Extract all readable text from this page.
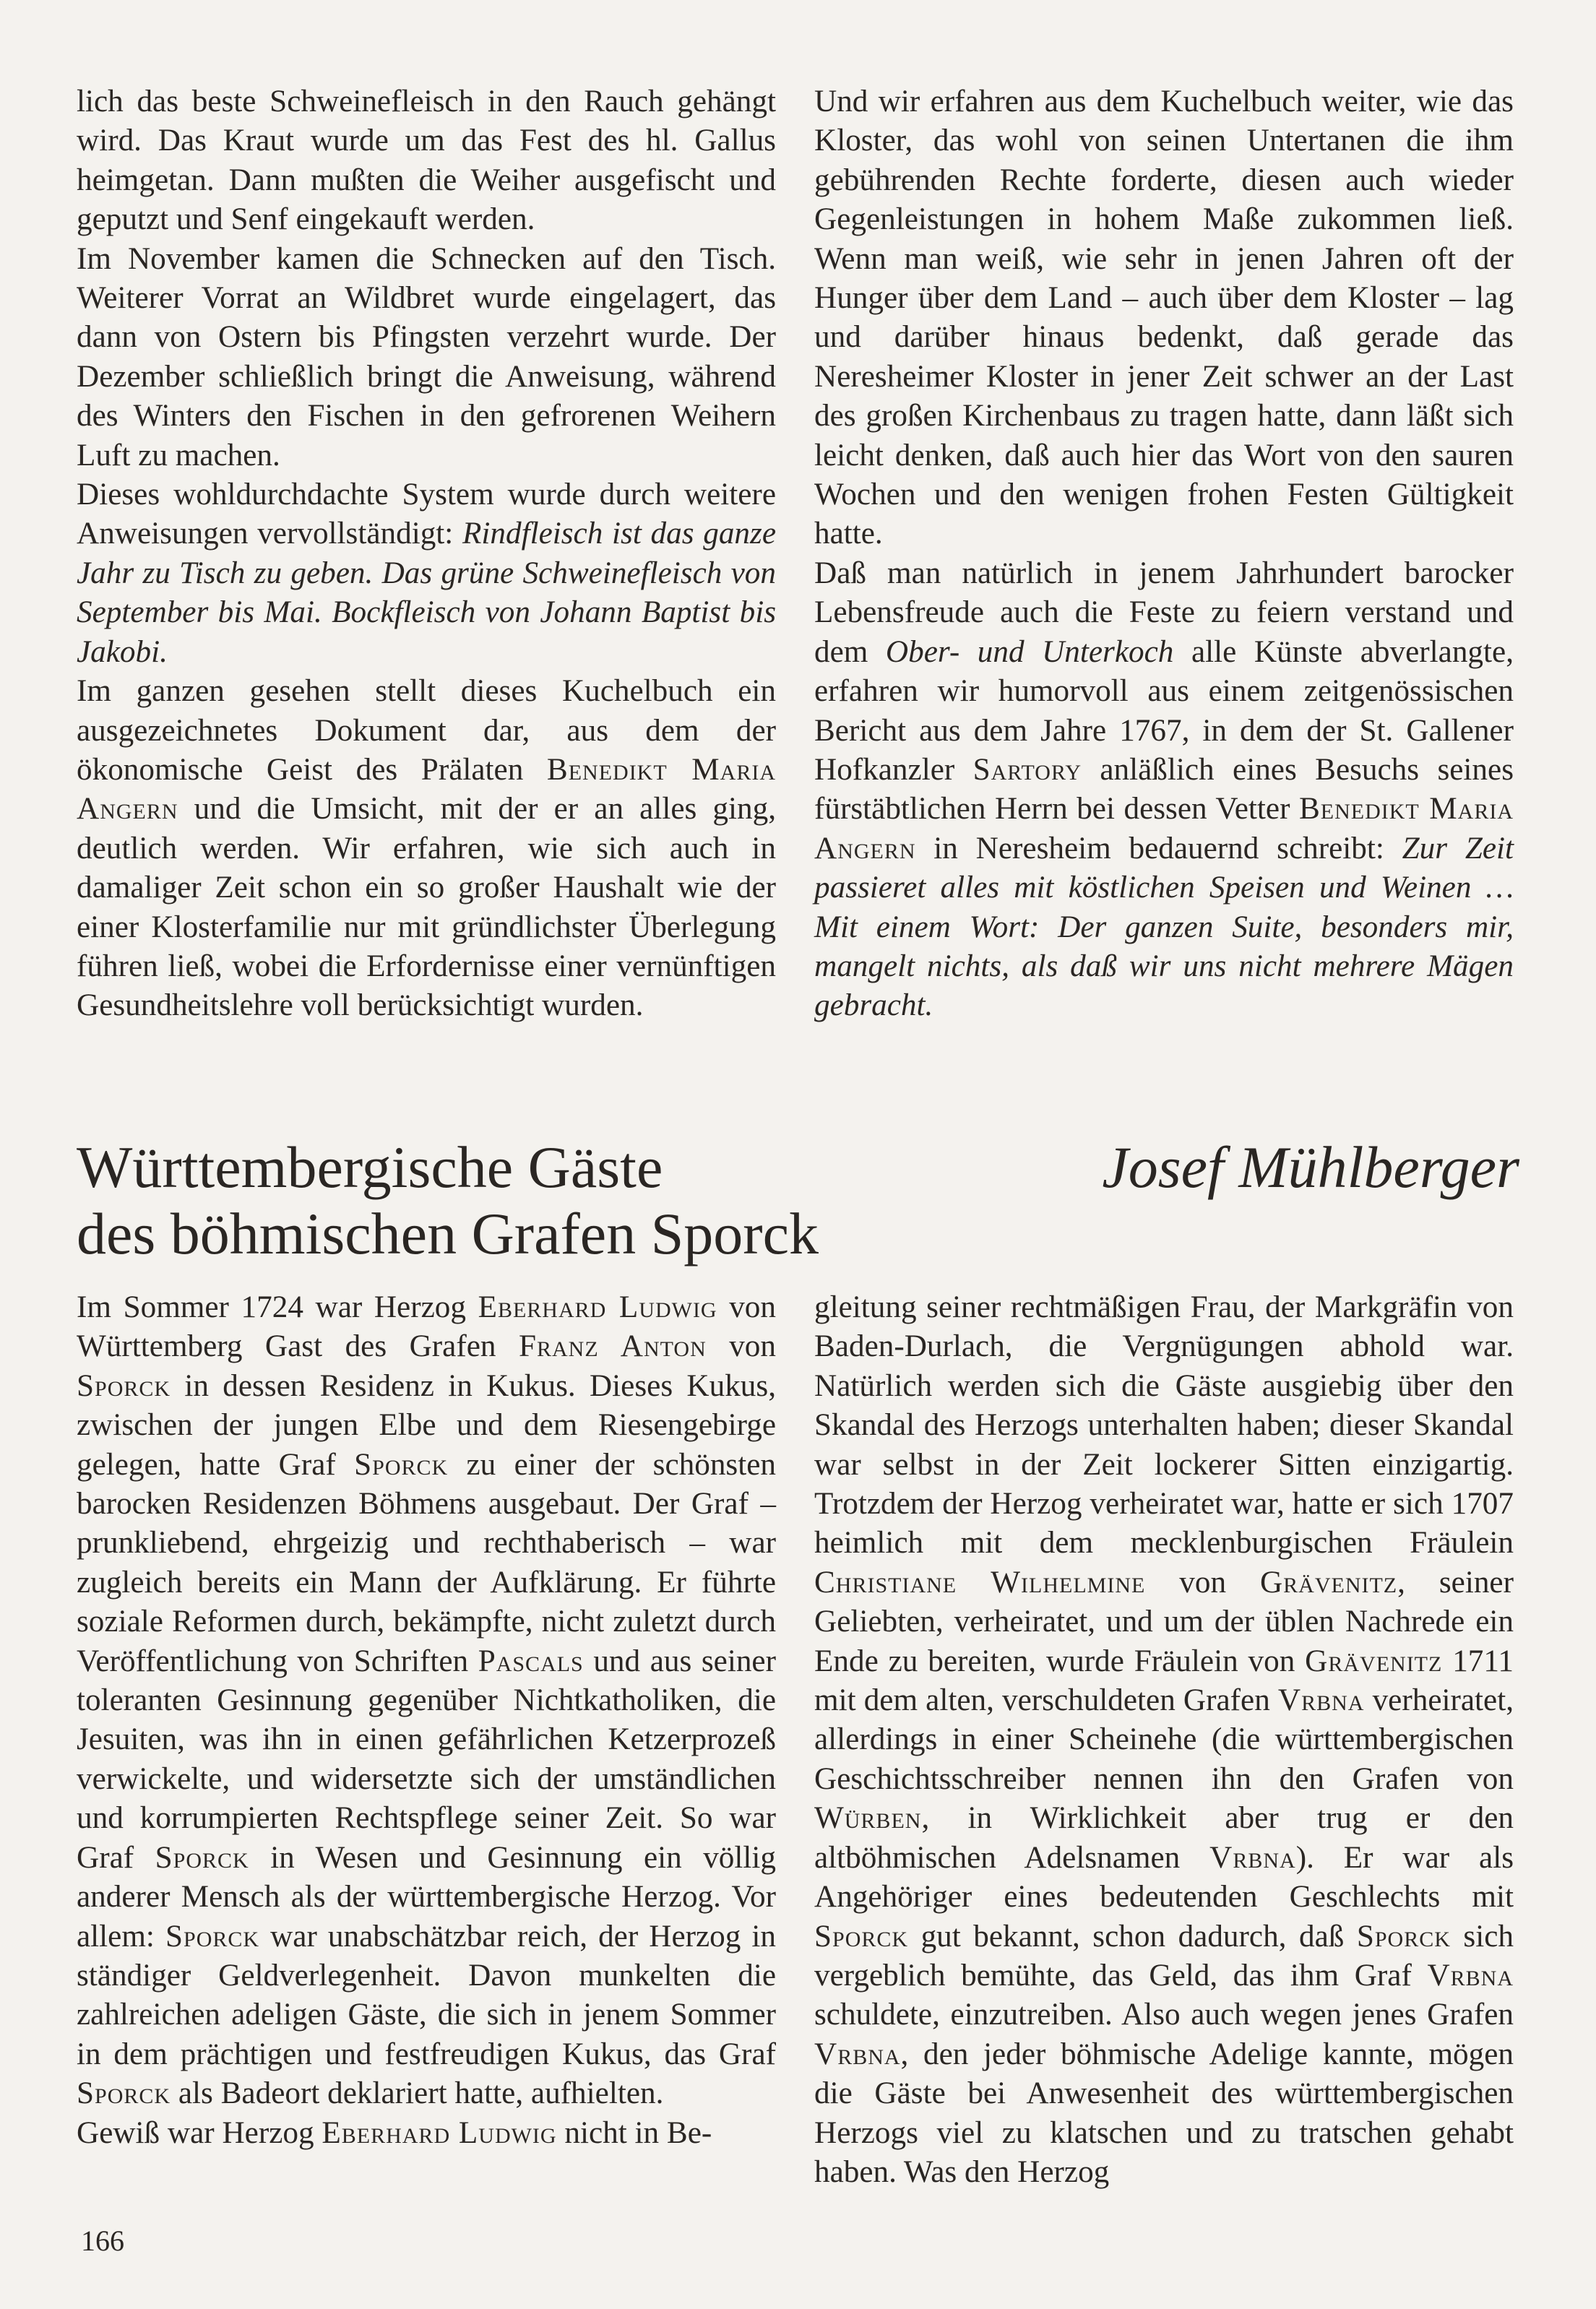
lich das beste Schweinefleisch in den Rauch gehängt wird. Das Kraut wurde um das Fest des hl. Gallus heimgetan. Dann mußten die Weiher ausgefischt und geputzt und Senf eingekauft werden.

Im November kamen die Schnecken auf den Tisch. Weiterer Vorrat an Wildbret wurde eingelagert, das dann von Ostern bis Pfingsten verzehrt wurde. Der Dezember schließlich bringt die Anweisung, während des Winters den Fischen in den gefrorenen Weihern Luft zu machen.

Dieses wohldurchdachte System wurde durch weitere Anweisungen vervollständigt: Rindfleisch ist das ganze Jahr zu Tisch zu geben. Das grüne Schweinefleisch von September bis Mai. Bockfleisch von Johann Baptist bis Jakobi.

Im ganzen gesehen stellt dieses Kuchelbuch ein ausgezeichnetes Dokument dar, aus dem der ökonomische Geist des Prälaten Benedikt Maria Angern und die Umsicht, mit der er an alles ging, deutlich werden. Wir erfahren, wie sich auch in damaliger Zeit schon ein so großer Haushalt wie der einer Klosterfamilie nur mit gründlichster Überlegung führen ließ, wobei die Erfordernisse einer vernünftigen Gesundheitslehre voll berücksichtigt wurden.

Und wir erfahren aus dem Kuchelbuch weiter, wie das Kloster, das wohl von seinen Untertanen die ihm gebührenden Rechte forderte, diesen auch wieder Gegenleistungen in hohem Maße zukommen ließ. Wenn man weiß, wie sehr in jenen Jahren oft der Hunger über dem Land – auch über dem Kloster – lag und darüber hinaus bedenkt, daß gerade das Neresheimer Kloster in jener Zeit schwer an der Last des großen Kirchenbaus zu tragen hatte, dann läßt sich leicht denken, daß auch hier das Wort von den sauren Wochen und den wenigen frohen Festen Gültigkeit hatte.

Daß man natürlich in jenem Jahrhundert barocker Lebensfreude auch die Feste zu feiern verstand und dem Ober- und Unterkoch alle Künste abverlangte, erfahren wir humorvoll aus einem zeitgenössischen Bericht aus dem Jahre 1767, in dem der St. Gallener Hofkanzler Sartory anläßlich eines Besuchs seines fürstäbtlichen Herrn bei dessen Vetter Benedikt Maria Angern in Neresheim bedauernd schreibt: Zur Zeit passieret alles mit köstlichen Speisen und Weinen … Mit einem Wort: Der ganzen Suite, besonders mir, mangelt nichts, als daß wir uns nicht mehrere Mägen gebracht.

Württembergische Gäste
des böhmischen Grafen Sporck
Josef Mühlberger

Im Sommer 1724 war Herzog Eberhard Ludwig von Württemberg Gast des Grafen Franz Anton von Sporck in dessen Residenz in Kukus. Dieses Kukus, zwischen der jungen Elbe und dem Riesengebirge gelegen, hatte Graf Sporck zu einer der schönsten barocken Residenzen Böhmens ausgebaut. Der Graf – prunkliebend, ehrgeizig und rechthaberisch – war zugleich bereits ein Mann der Aufklärung. Er führte soziale Reformen durch, bekämpfte, nicht zuletzt durch Veröffentlichung von Schriften Pascals und aus seiner toleranten Gesinnung gegenüber Nichtkatholiken, die Jesuiten, was ihn in einen gefährlichen Ketzerprozeß verwickelte, und widersetzte sich der umständlichen und korrumpierten Rechtspflege seiner Zeit. So war Graf Sporck in Wesen und Gesinnung ein völlig anderer Mensch als der württembergische Herzog. Vor allem: Sporck war unabschätzbar reich, der Herzog in ständiger Geldverlegenheit. Davon munkelten die zahlreichen adeligen Gäste, die sich in jenem Sommer in dem prächtigen und festfreudigen Kukus, das Graf Sporck als Badeort deklariert hatte, aufhielten.

Gewiß war Herzog Eberhard Ludwig nicht in Be-

gleitung seiner rechtmäßigen Frau, der Markgräfin von Baden-Durlach, die Vergnügungen abhold war. Natürlich werden sich die Gäste ausgiebig über den Skandal des Herzogs unterhalten haben; dieser Skandal war selbst in der Zeit lockerer Sitten einzigartig. Trotzdem der Herzog verheiratet war, hatte er sich 1707 heimlich mit dem mecklenburgischen Fräulein Christiane Wilhelmine von Grävenitz, seiner Geliebten, verheiratet, und um der üblen Nachrede ein Ende zu bereiten, wurde Fräulein von Grävenitz 1711 mit dem alten, verschuldeten Grafen Vrbna verheiratet, allerdings in einer Scheinehe (die württembergischen Geschichtsschreiber nennen ihn den Grafen von Würben, in Wirklichkeit aber trug er den altböhmischen Adelsnamen Vrbna). Er war als Angehöriger eines bedeutenden Geschlechts mit Sporck gut bekannt, schon dadurch, daß Sporck sich vergeblich bemühte, das Geld, das ihm Graf Vrbna schuldete, einzutreiben. Also auch wegen jenes Grafen Vrbna, den jeder böhmische Adelige kannte, mögen die Gäste bei Anwesenheit des württembergischen Herzogs viel zu klatschen und zu tratschen gehabt haben. Was den Herzog

166
